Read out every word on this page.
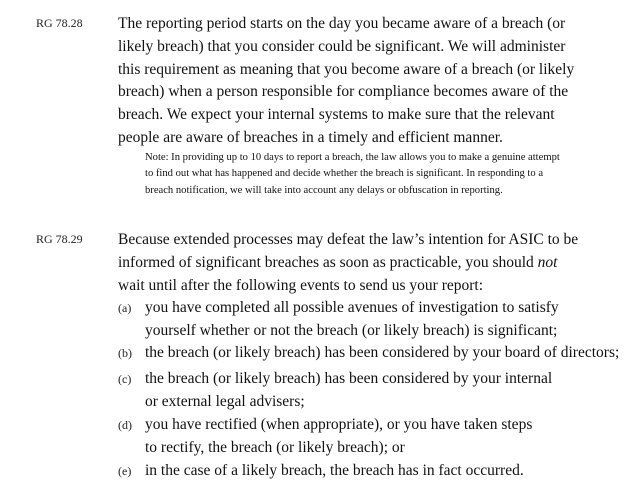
RG 78.28 The reporting period starts on the day you became aware of a breach (or likely breach) that you consider could be significant. We will administer this requirement as meaning that you become aware of a breach (or likely breach) when a person responsible for compliance becomes aware of the breach. We expect your internal systems to make sure that the relevant people are aware of breaches in a timely and efficient manner.
Note: In providing up to 10 days to report a breach, the law allows you to make a genuine attempt to find out what has happened and decide whether the breach is significant. In responding to a breach notification, we will take into account any delays or obfuscation in reporting.
RG 78.29 Because extended processes may defeat the law’s intention for ASIC to be informed of significant breaches as soon as practicable, you should not wait until after the following events to send us your report:
(a) you have completed all possible avenues of investigation to satisfy yourself whether or not the breach (or likely breach) is significant;
(b) the breach (or likely breach) has been considered by your board of directors;
(c) the breach (or likely breach) has been considered by your internal or external legal advisers;
(d) you have rectified (when appropriate), or you have taken steps to rectify, the breach (or likely breach); or
(e) in the case of a likely breach, the breach has in fact occurred.
